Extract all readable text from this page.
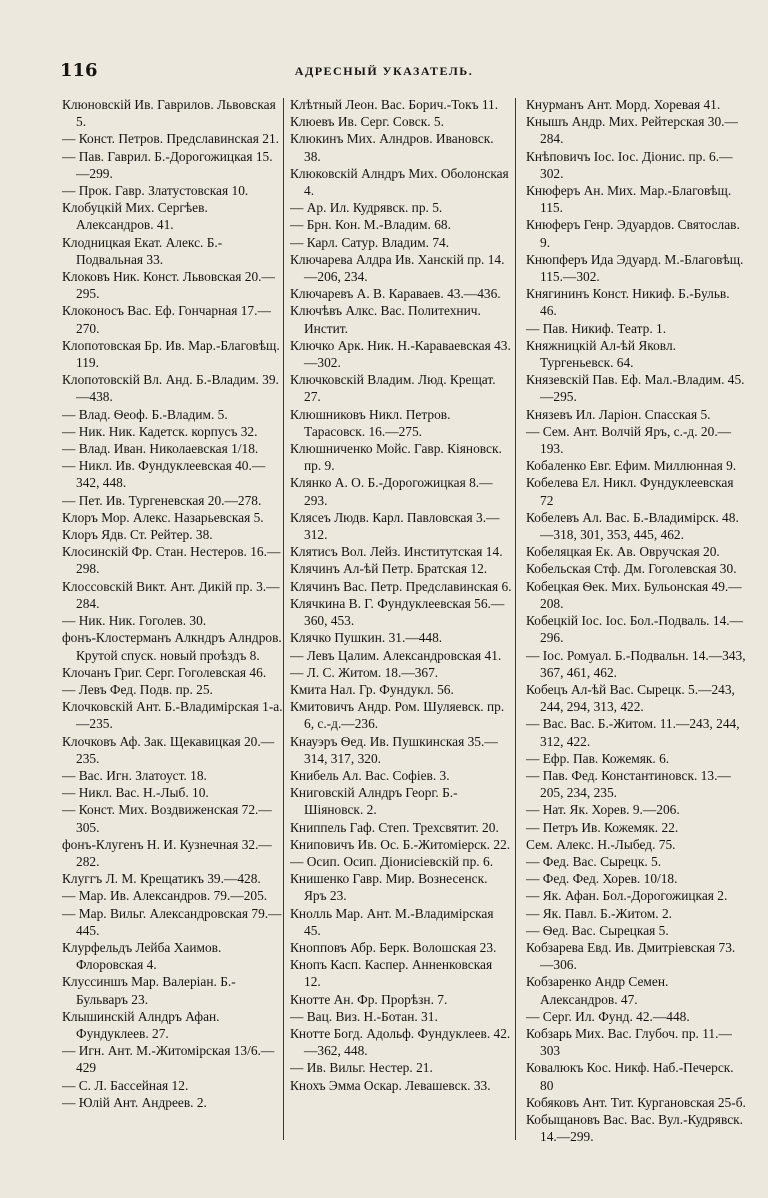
116	АДРЕСНЫЙ УКАЗАТЕЛЬ.

Клюновскій Ив. Гаврилов. Львовская 5.

— Конст. Петров. Предславинская 21.

— Пав. Гаврил. Б.-Дорогожицкая 15.—299.

— Прок. Гавр. Златустовская 10.

Клобуцкій Мих. Сергѣев. Александров. 41.

Клодницкая Екат. Алекс. Б.-Подвальная 33.

Клоковъ Ник. Конст. Львовская 20.—295.

Клоконосъ Вас. Еф. Гончарная 17.—270.

Клопотовская Бр. Ив. Мар.-Благовѣщ. 119.

Клопотовскій Вл. Анд. Б.-Владим. 39.—438.

— Влад. Ѳеоф. Б.-Владим. 5.

— Ник. Ник. Кадетск. корпусъ 32.

— Влад. Иван. Николаевская 1/18.

— Никл. Ив. Фундуклеевская 40.—342, 448.

— Пет. Ив. Тургеневская 20.—278.

Клоръ Мор. Алекс. Назарьевская 5.

Клоръ Ядв. Ст. Рейтер. 38.

Клосинскій Фр. Стан. Нестеров. 16.—298.

Клоссовскій Викт. Ант. Дикій пр. 3.—284.

— Ник. Ник. Гоголев. 30.

фонъ-Клостерманъ Алкндръ Алндров. Крутой спуск. новый проѣздъ 8.

Клочанъ Григ. Серг. Гоголевская 46.

— Левъ Фед. Подв. пр. 25.

Клочковскій Ант. Б.-Владимірская 1-а.—235.

Клочковъ Аф. Зак. Щекавицкая 20.—235.

— Вас. Игн. Златоуст. 18.

— Никл. Вас. Н.-Лыб. 10.

— Конст. Мих. Воздвиженская 72.—305.

фонъ-Клугенъ Н. И. Кузнечная 32.—282.

Клуггъ Л. М. Крещатикъ 39.—428.

— Мар. Ив. Александров. 79.—205.

— Мар. Вильг. Александровская 79.—445.

Клурфельдъ Лейба Хаимов. Флоровская 4.

Клуссиншъ Мар. Валеріан. Б.-Бульваръ 23.

Клышинскій Алндръ Афан. Фундуклеев. 27.

— Игн. Ант. М.-Житомірская 13/6.—429

— С. Л. Бассейная 12.

— Юлій Ант. Андреев. 2.

Клѣтный Леон. Вас. Борич.-Токъ 11.

Клюевъ Ив. Серг. Совск. 5.

Клюкинъ Мих. Алндров. Ивановск. 38.

Клюковскій Алндръ Мих. Оболонская 4.

— Ар. Ил. Кудрявск. пр. 5.

— Брн. Кон. М.-Владим. 68.

— Карл. Сатур. Владим. 74.

Ключарева Алдра Ив. Ханскій пр. 14.—206, 234.

Ключаревъ А. В. Караваев. 43.—436.

Ключѣвъ Алкс. Вас. Политехнич. Инстит.

Ключко Арк. Ник. Н.-Караваевская 43.—302.

Ключковскій Владим. Люд. Крещат. 27.

Клюшниковъ Никл. Петров. Тарасовск. 16.—275.

Клюшниченко Мойс. Гавр. Кіяновск. пр. 9.

Клянко А. О. Б.-Дорогожицкая 8.—293.

Клясеъ Людв. Карл. Павловская 3.—312.

Клятисъ Вол. Лейз. Институтская 14.

Клячинъ Ал-ѣй Петр. Братская 12.

Клячинъ Вас. Петр. Предславинская 6.

Клячкина В. Г. Фундуклеевская 56.—360, 453.

Клячко Пушкин. 31.—448.

— Левъ Цалим. Александровская 41.

— Л. С. Житом. 18.—367.

Кмита Нал. Гр. Фундукл. 56.

Кмитовичъ Андр. Ром. Шуляевск. пр. 6, с.-д.—236.

Кнауэръ Ѳед. Ив. Пушкинская 35.—314, 317, 320.

Книбель Ал. Вас. Софіев. 3.

Книговскій Алндръ Георг. Б.-Шіяновск. 2.

Книппель Гаф. Степ. Трехсвятит. 20.

Книповичъ Ив. Ос. Б.-Житоміерск. 22.

— Осип. Осип. Діонисіевскій пр. 6.

Книшенко Гавр. Мир. Вознесенск. Яръ 23.

Кнолль Мар. Ант. М.-Владимірская 45.

Кнопповъ Абр. Берк. Волошская 23.

Кнопъ Касп. Каспер. Анненковская 12.

Кнотте Ан. Фр. Прорѣзн. 7.

— Вац. Виз. Н.-Ботан. 31.

Кнотте Богд. Адольф. Фундуклеев. 42.—362, 448.

— Ив. Вильг. Нестер. 21.

Кнохъ Эмма Оскар. Левашевск. 33.

Кнурманъ Ант. Морд. Хоревая 41.

Кнышъ Андр. Мих. Рейтерская 30.—284.

Кнѣповичъ Іос. Іос. Діонис. пр. 6.—302.

Кнюферъ Ан. Мих. Мар.-Благовѣщ. 115.

Кнюферъ Генр. Эдуардов. Святослав. 9.

Кнюпферъ Ида Эдуард. М.-Благовѣщ. 115.—302.

Княгининъ Конст. Никиф. Б.-Бульв. 46.

— Пав. Никиф. Театр. 1.

Княжницкій Ал-ѣй Яковл. Тургеньевск. 64.

Князевскій Пав. Еф. Мал.-Владим. 45.—295.

Князевъ Ил. Ларіон. Спасская 5.

— Сем. Ант. Волчій Яръ, с.-д. 20.—193.

Кобаленко Евг. Ефим. Миллюнная 9.

Кобелева Ел. Никл. Фундуклеевская 72

Кобелевъ Ал. Вас. Б.-Владимірск. 48.—318, 301, 353, 445, 462.

Кобеляцкая Ек. Ав. Овручская 20.

Кобельская Стф. Дм. Гоголевская 30.

Кобецкая Ѳек. Мих. Бульонская 49.—208.

Кобецкій Іос. Іос. Бол.-Подваль. 14.—296.

— Іос. Ромуал. Б.-Подвальн. 14.—343, 367, 461, 462.

Кобецъ Ал-ѣй Вас. Сырецк. 5.—243, 244, 294, 313, 422.

— Вас. Вас. Б.-Житом. 11.—243, 244, 312, 422.

— Ефр. Пав. Кожемяк. 6.

— Пав. Фед. Константиновск. 13.—205, 234, 235.

— Нат. Як. Хорев. 9.—206.

— Петръ Ив. Кожемяк. 22.

Сем. Алекс. Н.-Лыбед. 75.

— Фед. Вас. Сырецк. 5.

— Фед. Фед. Хорев. 10/18.

— Як. Афан. Бол.-Дорогожицкая 2.

— Як. Павл. Б.-Житом. 2.

— Ѳед. Вас. Сырецкая 5.

Кобзарева Евд. Ив. Дмитріевская 73.—306.

Кобзаренко Андр Семен. Александров. 47.

— Серг. Ил. Фунд. 42.—448.

Кобзарь Мих. Вас. Глубоч. пр. 11.—303

Ковалюкъ Кос. Никф. Наб.-Печерск. 80

Кобяковъ Ант. Тит. Кургановская 25-б.

Кобыщановъ Вас. Вас. Вул.-Кудрявск. 14.—299.
